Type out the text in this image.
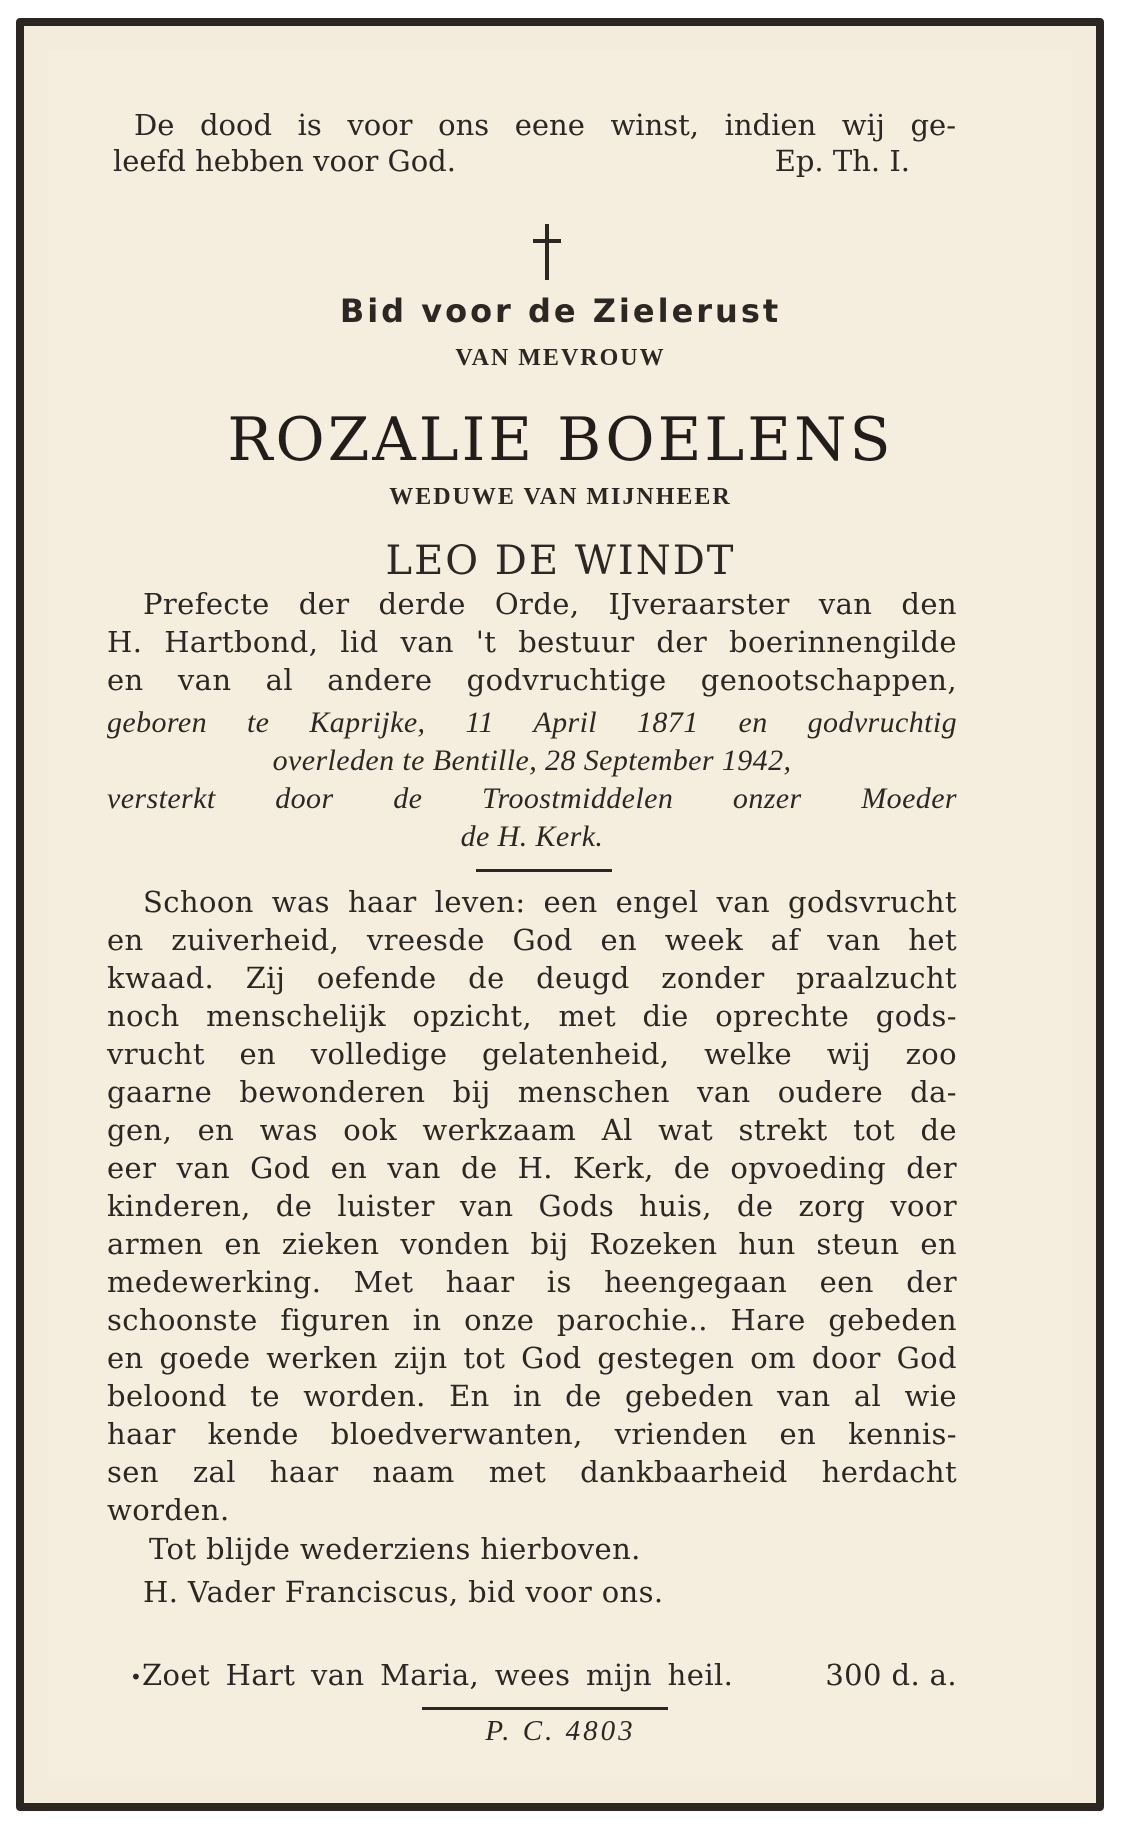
De dood is voor ons eene winst, indien wij ge-
leefd hebben voor God.	Ep. Th. I.
Bid voor de Zielerust
VAN MEVROUW
ROZALIE BOELENS
WEDUWE VAN MIJNHEER
LEO DE WINDT
Prefecte der derde Orde, IJveraarster van den
H. Hartbond, lid van 't bestuur der boerinnengilde
en van al andere godvruchtige genootschappen,
geboren te Kaprijke, 11 April 1871 en godvruchtig
overleden te Bentille, 28 September 1942,
versterkt door de Troostmiddelen onzer Moeder
de H. Kerk.
Schoon was haar leven: een engel van godsvrucht
en zuiverheid, vreesde God en week af van het
kwaad. Zij oefende de deugd zonder praalzucht
noch menschelijk opzicht, met die oprechte gods-
vrucht en volledige gelatenheid, welke wij zoo
gaarne bewonderen bij menschen van oudere da-
gen, en was ook werkzaam Al wat strekt tot de
eer van God en van de H. Kerk, de opvoeding der
kinderen, de luister van Gods huis, de zorg voor
armen en zieken vonden bij Rozeken hun steun en
medewerking. Met haar is heengegaan een der
schoonste figuren in onze parochie.. Hare gebeden
en goede werken zijn tot God gestegen om door God
beloond te worden. En in de gebeden van al wie
haar kende bloedverwanten, vrienden en kennis-
sen zal haar naam met dankbaarheid herdacht
worden.
Tot blijde wederziens hierboven.
H. Vader Franciscus, bid voor ons.
• Zoet Hart van Maria, wees mijn heil.	300 d. a.
P. C. 4803
